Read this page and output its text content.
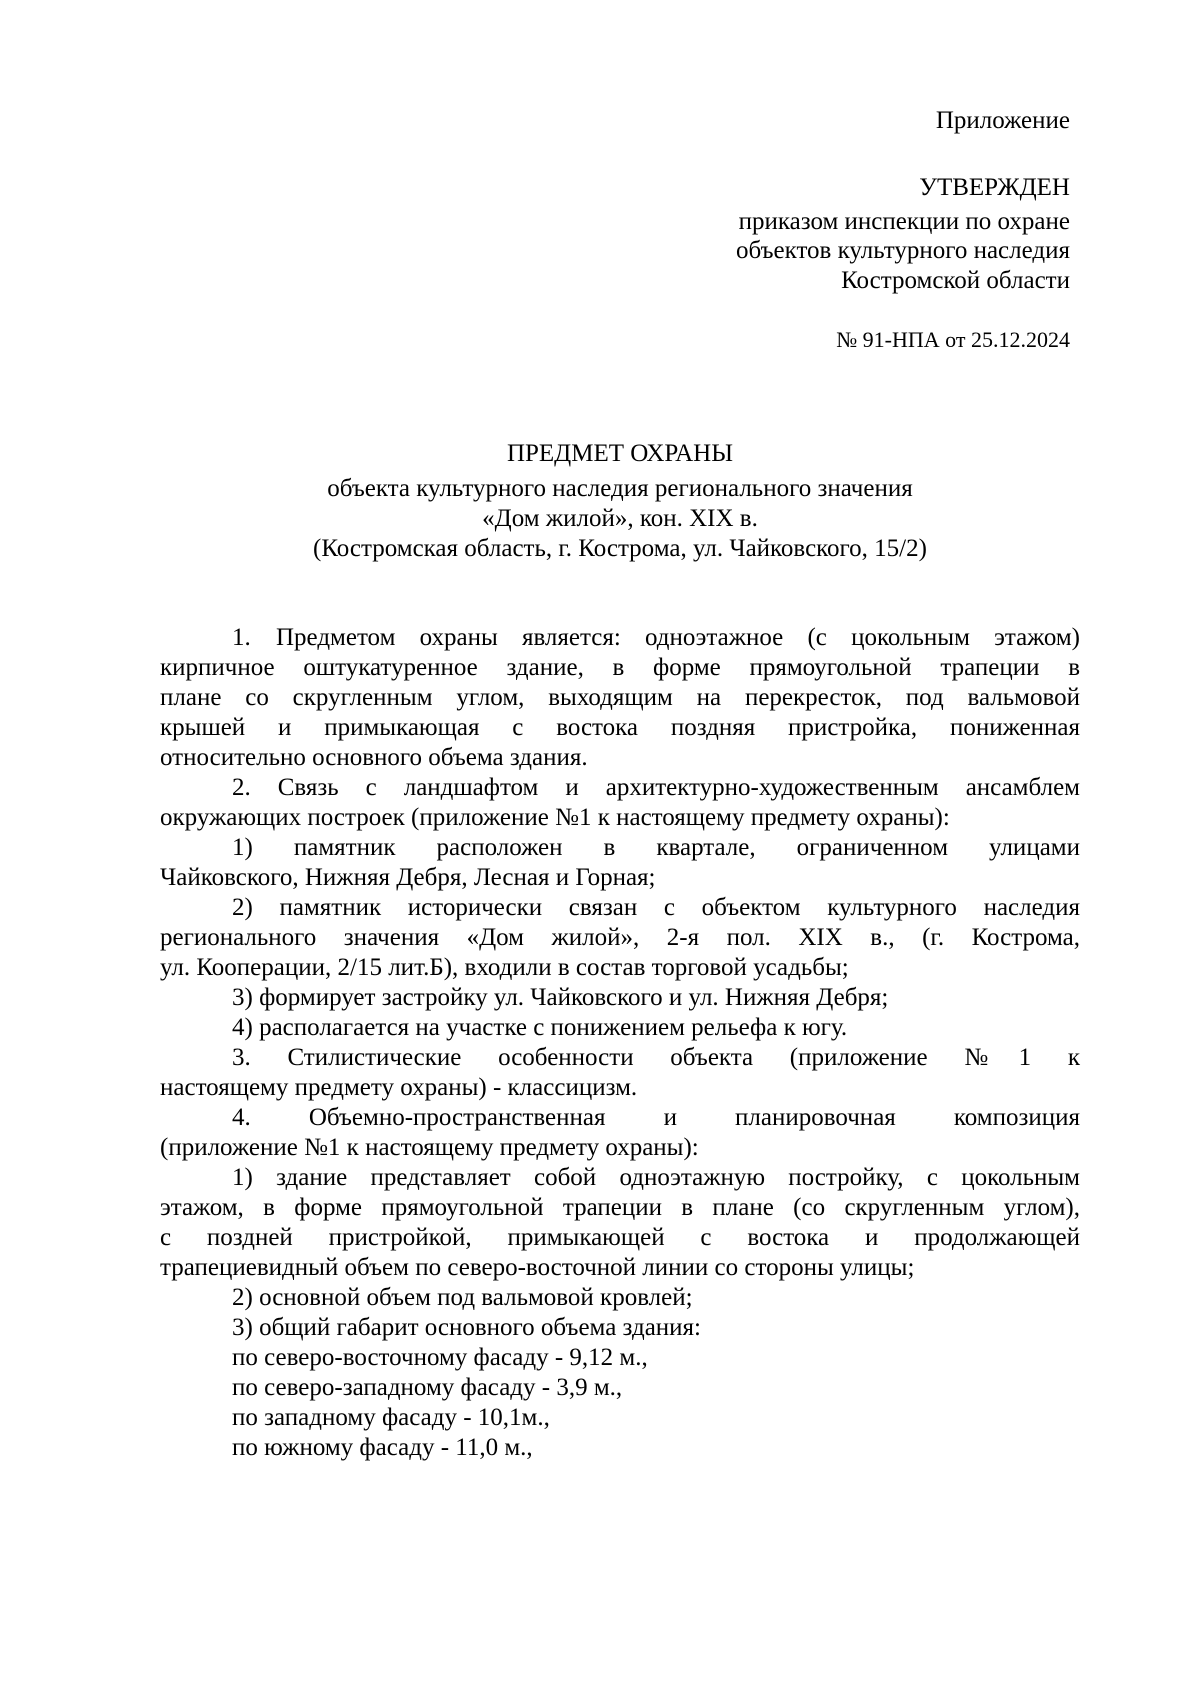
Приложение
УТВЕРЖДЕН
приказом инспекции по охране
объектов культурного наследия
Костромской области
№ 91-НПА от 25.12.2024
ПРЕДМЕТ ОХРАНЫ
объекта культурного наследия регионального значения
«Дом жилой», кон. XIX в.
(Костромская область, г. Кострома, ул. Чайковского, 15/2)
1. Предметом охраны является: одноэтажное (с цокольным этажом)
кирпичное оштукатуренное здание, в форме прямоугольной трапеции в
плане со скругленным углом, выходящим на перекресток, под вальмовой
крышей и примыкающая с востока поздняя пристройка, пониженная
относительно основного объема здания.
2. Связь с ландшафтом и архитектурно-художественным ансамблем
окружающих построек (приложение №1 к настоящему предмету охраны):
1) памятник расположен в квартале, ограниченном улицами
Чайковского, Нижняя Дебря, Лесная и Горная;
2) памятник исторически связан с объектом культурного наследия
регионального значения «Дом жилой», 2-я пол. XIX в., (г. Кострома,
ул. Кооперации, 2/15 лит.Б), входили в состав торговой усадьбы;
3) формирует застройку ул. Чайковского и ул. Нижняя Дебря;
4) располагается на участке с понижением рельефа к югу.
3. Стилистические особенности объекта (приложение №1 к
настоящему предмету охраны) - классицизм.
4. Объемно-пространственная и планировочная композиция
(приложение №1 к настоящему предмету охраны):
1) здание представляет собой одноэтажную постройку, с цокольным
этажом, в форме прямоугольной трапеции в плане (со скругленным углом),
с поздней пристройкой, примыкающей с востока и продолжающей
трапециевидный объем по северо-восточной линии со стороны улицы;
2) основной объем под вальмовой кровлей;
3) общий габарит основного объема здания:
по северо-восточному фасаду - 9,12 м.,
по северо-западному фасаду - 3,9 м.,
по западному фасаду - 10,1м.,
по южному фасаду - 11,0 м.,
